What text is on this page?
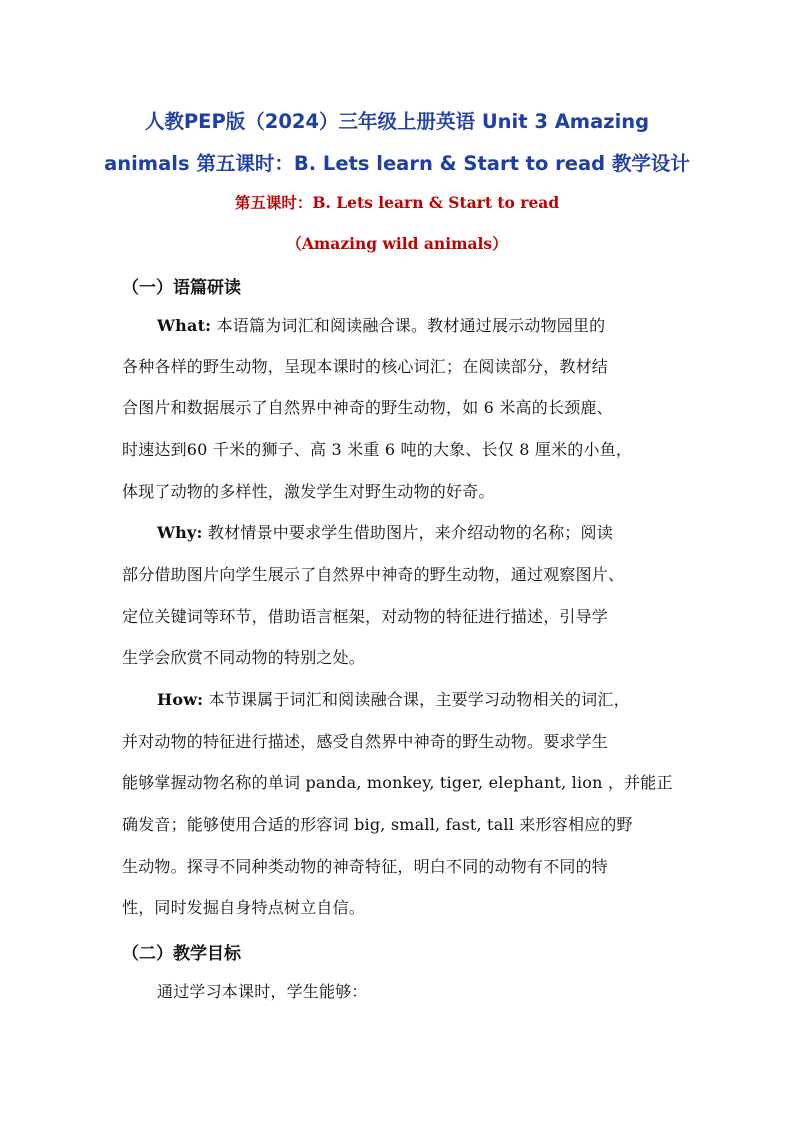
人教PEP版（2024）三年级上册英语 Unit 3 Amazing
animals 第五课时：B. Lets learn & Start to read 教学设计
第五课时：B. Lets learn & Start to read
（Amazing wild animals）
（一）语篇研读
What: 本语篇为词汇和阅读融合课。教材通过展示动物园里的
各种各样的野生动物，呈现本课时的核心词汇；在阅读部分，教材结
合图片和数据展示了自然界中神奇的野生动物，如 6 米高的长颈鹿、
时速达到60 千米的狮子、高 3 米重 6 吨的大象、长仅 8 厘米的小鱼，
体现了动物的多样性，激发学生对野生动物的好奇。
Why: 教材情景中要求学生借助图片，来介绍动物的名称；阅读
部分借助图片向学生展示了自然界中神奇的野生动物，通过观察图片、
定位关键词等环节，借助语言框架，对动物的特征进行描述，引导学
生学会欣赏不同动物的特别之处。
How: 本节课属于词汇和阅读融合课，主要学习动物相关的词汇，
并对动物的特征进行描述，感受自然界中神奇的野生动物。要求学生
能够掌握动物名称的单词 panda, monkey, tiger, elephant, lion ，并能正
确发音；能够使用合适的形容词 big, small, fast, tall 来形容相应的野
生动物。探寻不同种类动物的神奇特征，明白不同的动物有不同的特
性，同时发掘自身特点树立自信。
（二）教学目标
通过学习本课时，学生能够：
